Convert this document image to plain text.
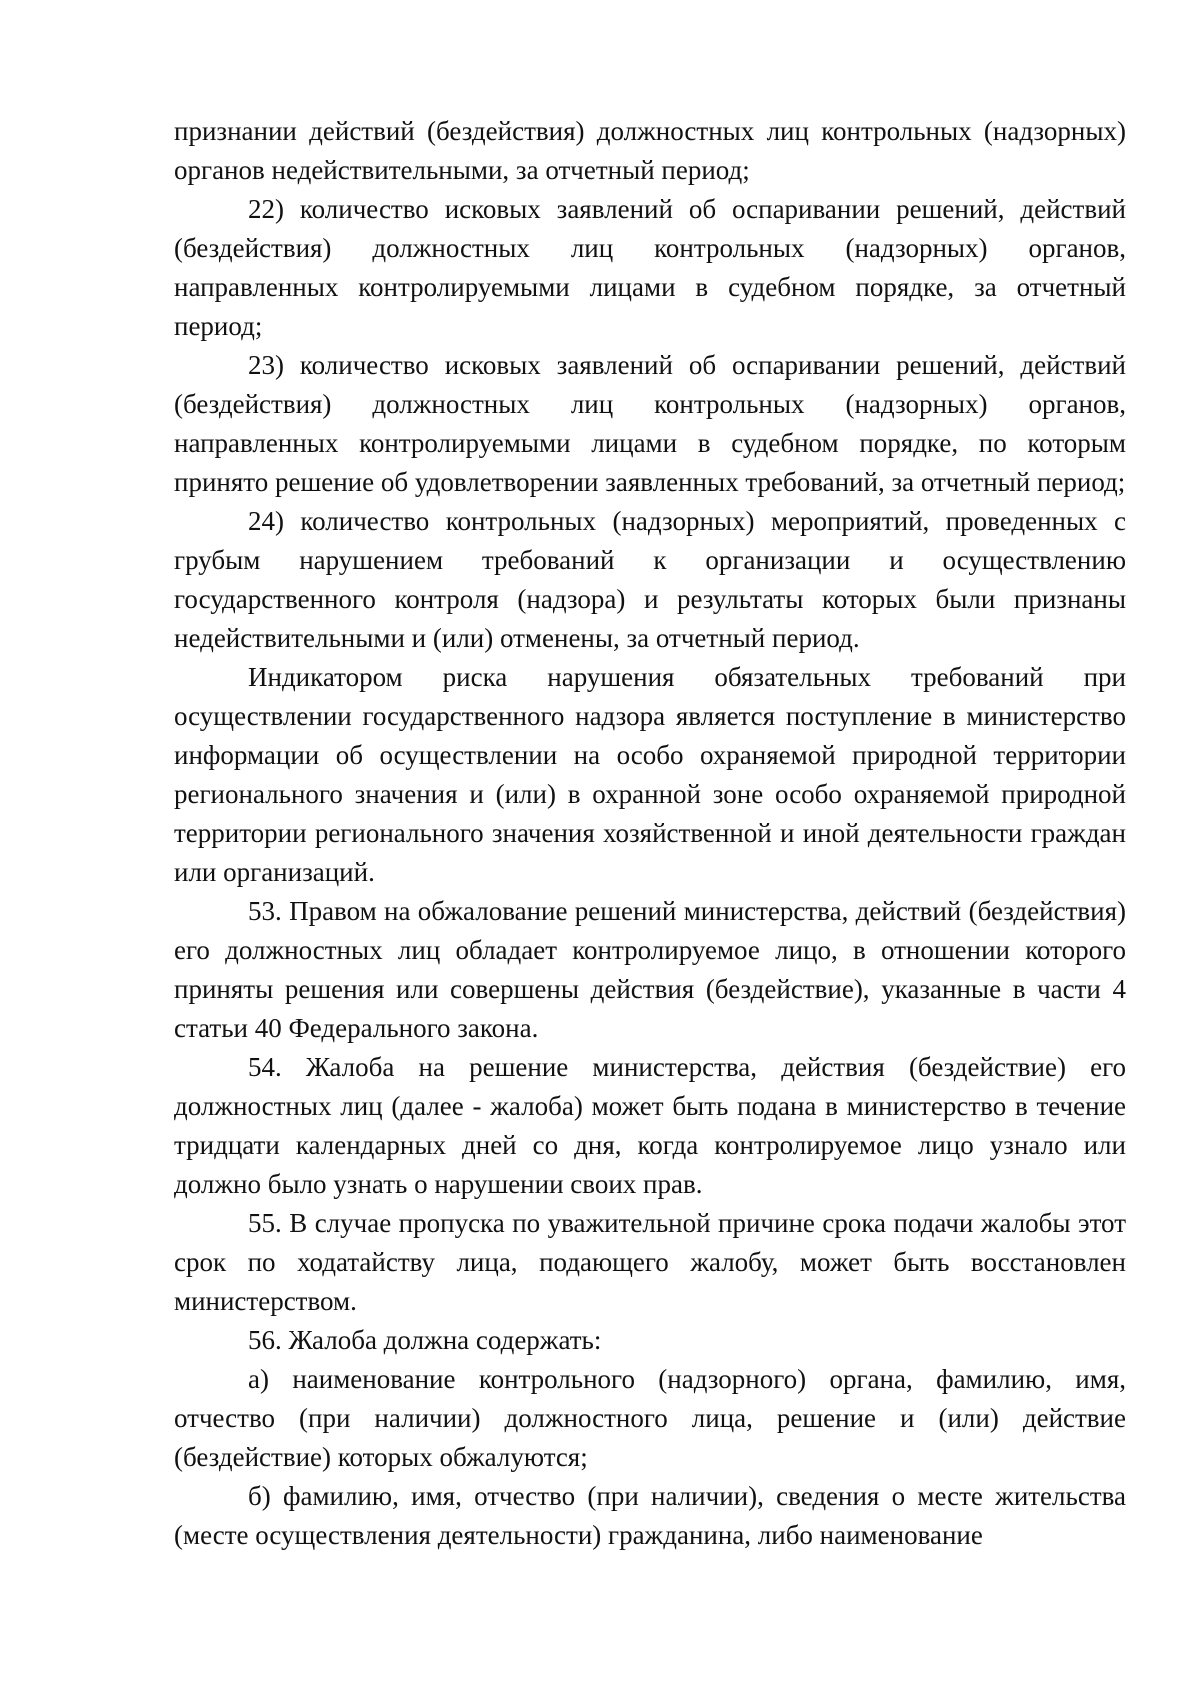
признании действий (бездействия) должностных лиц контрольных (надзорных) органов недействительными, за отчетный период;

22) количество исковых заявлений об оспаривании решений, действий (бездействия) должностных лиц контрольных (надзорных) органов, направленных контролируемыми лицами в судебном порядке, за отчетный период;

23) количество исковых заявлений об оспаривании решений, действий (бездействия) должностных лиц контрольных (надзорных) органов, направленных контролируемыми лицами в судебном порядке, по которым принято решение об удовлетворении заявленных требований, за отчетный период;

24) количество контрольных (надзорных) мероприятий, проведенных с грубым нарушением требований к организации и осуществлению государственного контроля (надзора) и результаты которых были признаны недействительными и (или) отменены, за отчетный период.

Индикатором риска нарушения обязательных требований при осуществлении государственного надзора является поступление в министерство информации об осуществлении на особо охраняемой природной территории регионального значения и (или) в охранной зоне особо охраняемой природной территории регионального значения хозяйственной и иной деятельности граждан или организаций.

53. Правом на обжалование решений министерства, действий (бездействия) его должностных лиц обладает контролируемое лицо, в отношении которого приняты решения или совершены действия (бездействие), указанные в части 4 статьи 40 Федерального закона.

54. Жалоба на решение министерства, действия (бездействие) его должностных лиц (далее - жалоба) может быть подана в министерство в течение тридцати календарных дней со дня, когда контролируемое лицо узнало или должно было узнать о нарушении своих прав.

55. В случае пропуска по уважительной причине срока подачи жалобы этот срок по ходатайству лица, подающего жалобу, может быть восстановлен министерством.

56. Жалоба должна содержать:

а) наименование контрольного (надзорного) органа, фамилию, имя, отчество (при наличии) должностного лица, решение и (или) действие (бездействие) которых обжалуются;

б) фамилию, имя, отчество (при наличии), сведения о месте жительства (месте осуществления деятельности) гражданина, либо наименование
